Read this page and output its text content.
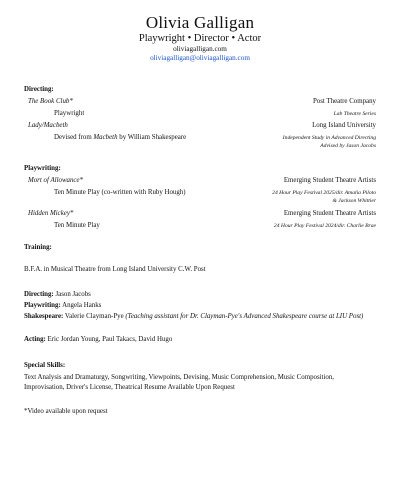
Olivia Galligan
Playwright • Director • Actor
oliviagalligan.com
oliviagalligan@oliviagalligan.com
Directing:
The Book Club*	Post Theatre Company
Playwright	Lab Theatre Series
Lady/Macbeth	Long Island University
Devised from Macbeth by William Shakespeare	Independent Study in Advanced Directing
Advised by Jason Jacobs
Playwriting:
Mort of Allowance*	Emerging Student Theatre Artists
Ten Minute Play (co-written with Ruby Hough)	24 Hour Play Festival 2025/dir. Amalia Piloto
& Jackson Whittier
Hidden Mickey*	Emerging Student Theatre Artists
Ten Minute Play	24 Hour Play Festival 2024/dir. Charlie Brae
Training:
B.F.A. in Musical Theatre from Long Island University C.W. Post
Directing: Jason Jacobs
Playwriting: Angela Hanks
Shakespeare: Valerie Clayman-Pye (Teaching assistant for Dr. Clayman-Pye's Advanced Shakespeare course at LIU Post)
Acting: Eric Jordan Young, Paul Takacs, David Hugo
Special Skills:
Text Analysis and Dramaturgy, Songwriting, Viewpoints, Devising, Music Comprehension, Music Composition, Improvisation, Driver's License, Theatrical Resume Available Upon Request
*Video available upon request
